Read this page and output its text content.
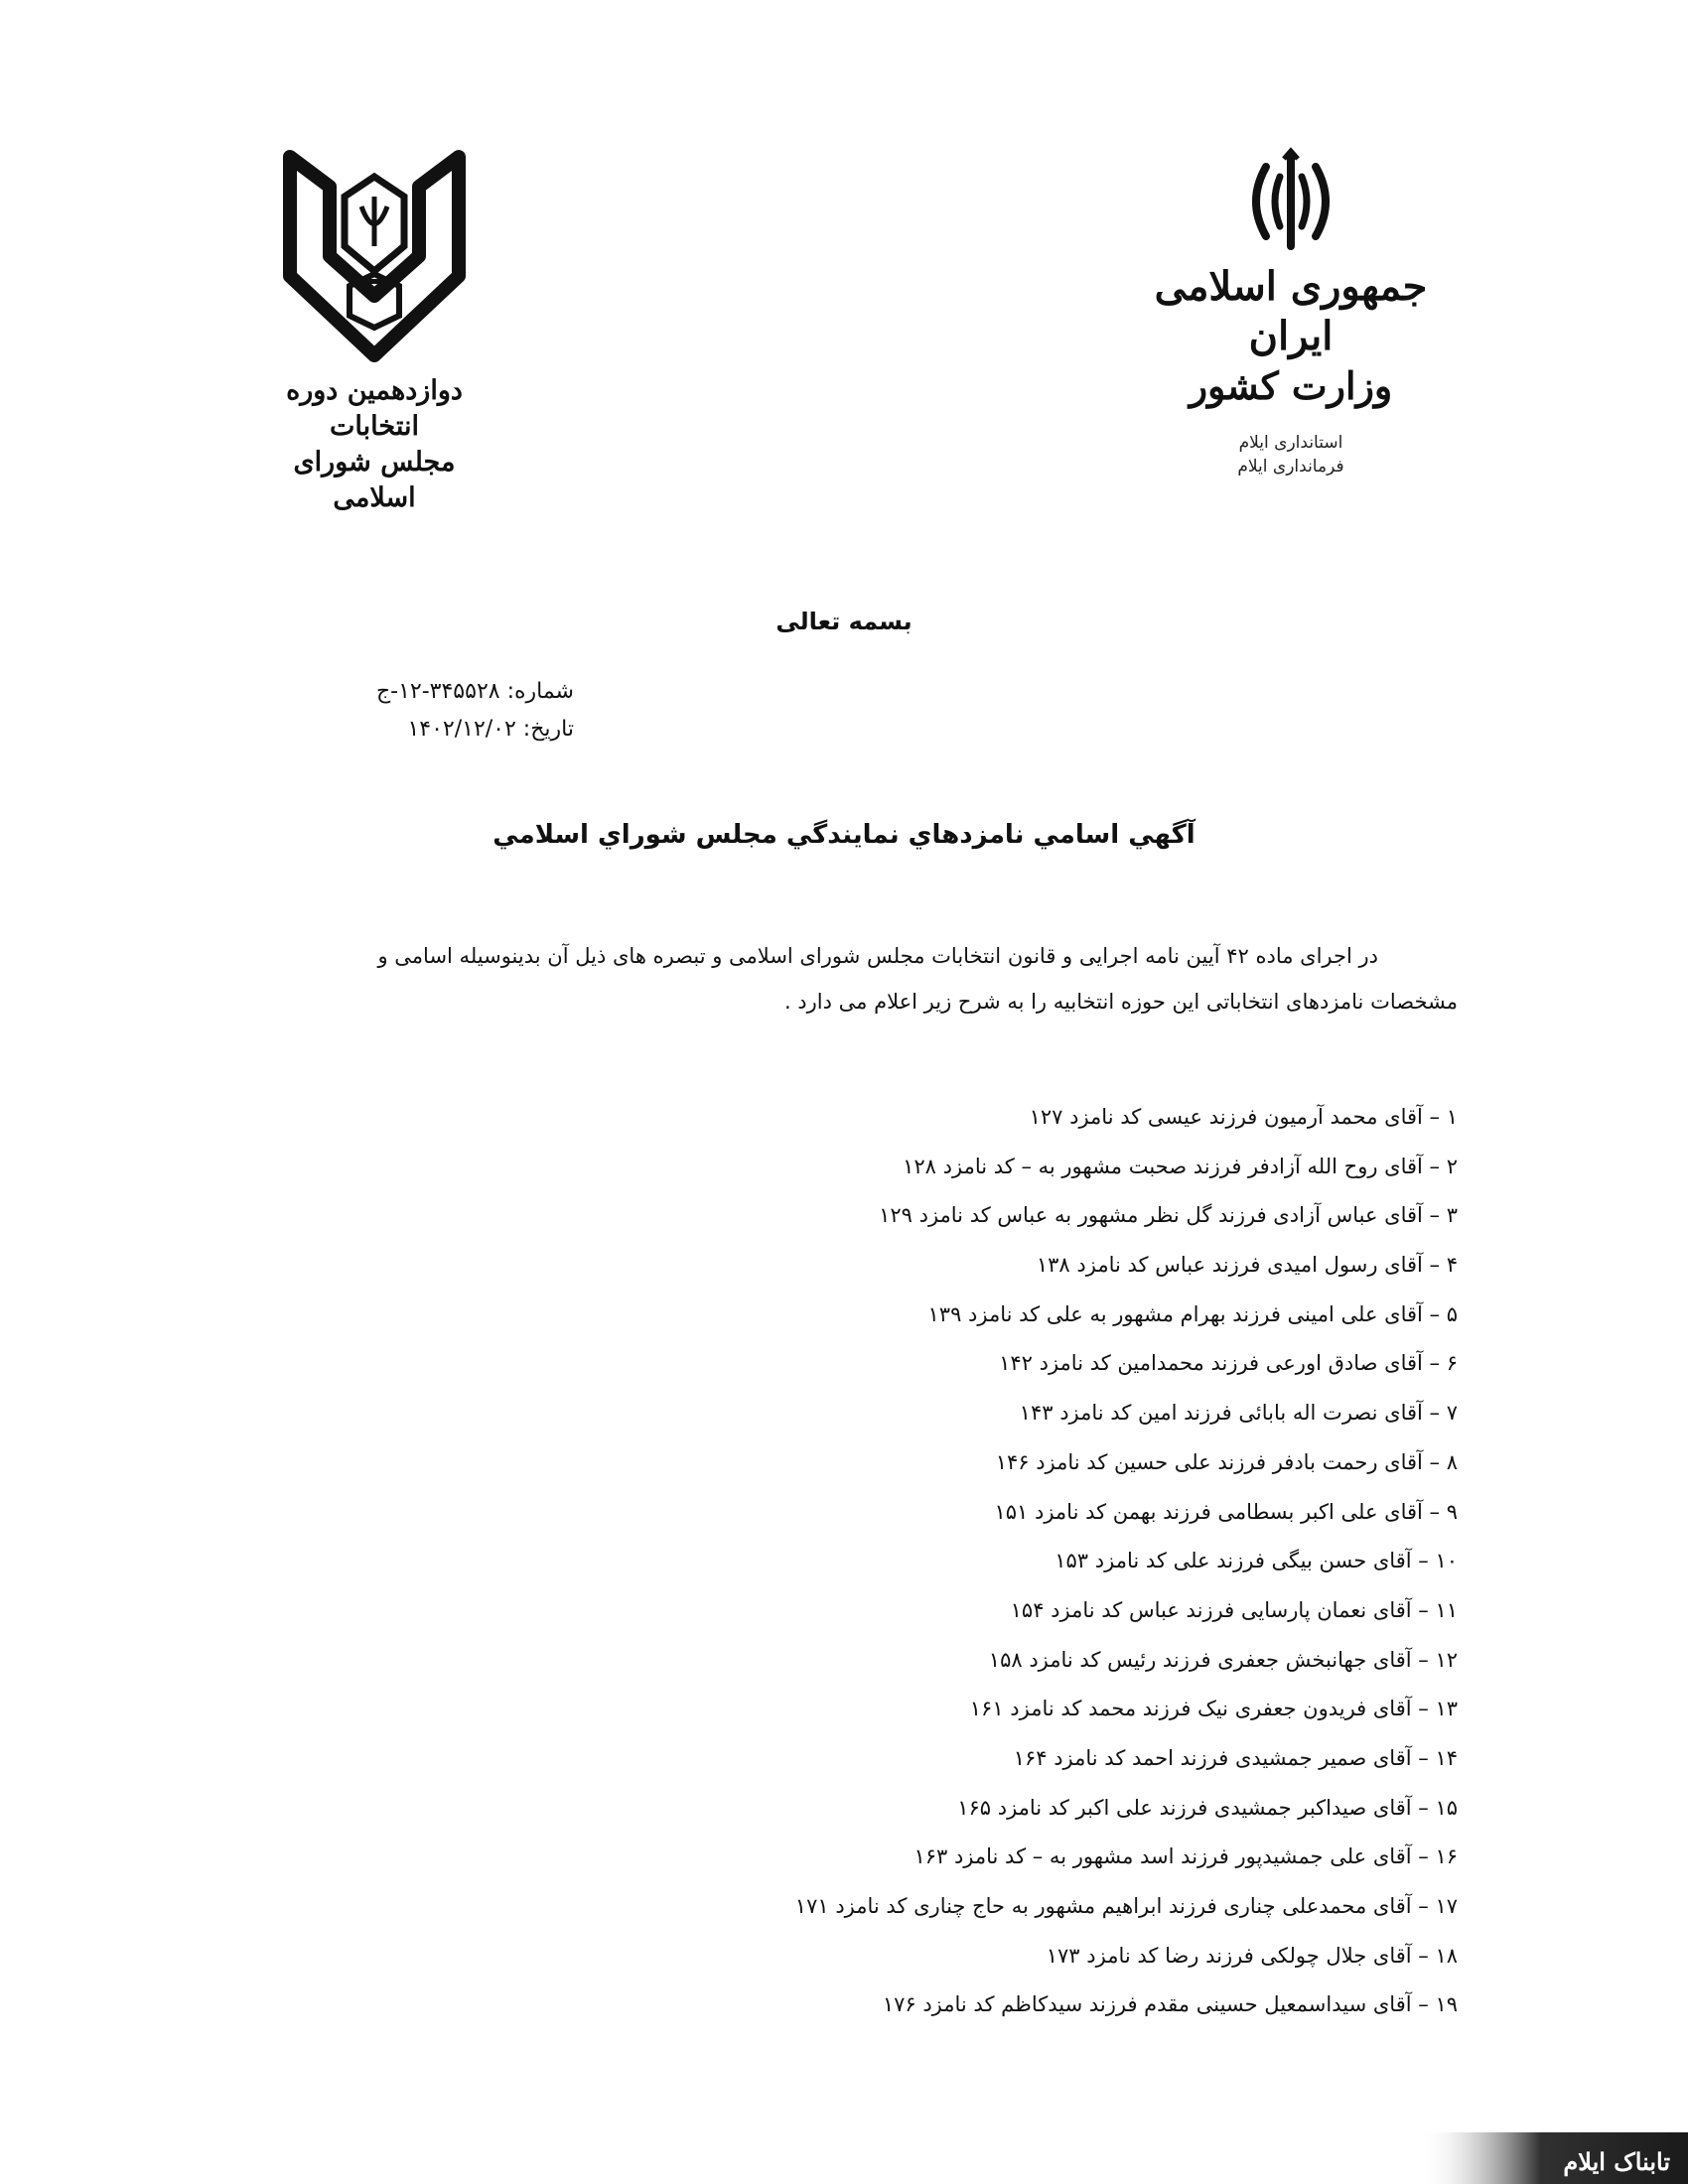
دوازدهمین دوره انتخابات
مجلس شورای اسلامی
جمهوری اسلامی ایران
وزارت کشور
استانداری ایلام
فرمانداری ایلام
بسمه تعالی
شماره: ۳۴۵۵۲۸-۱۲-ج
تاریخ: ۱۴۰۲/۱۲/۰۲
آگهي اسامي نامزدهاي نمايندگي مجلس شوراي اسلامي

در اجرای ماده ۴۲ آیین نامه اجرایی و قانون انتخابات مجلس شورای اسلامی و تبصره های ذیل آن بدینوسیله اسامی و

مشخصات نامزدهای انتخاباتی این حوزه انتخابیه را به شرح زیر اعلام می دارد .

۱ – آقای محمد آرمیون فرزند عیسی کد نامزد ۱۲۷
۲ – آقای روح الله آزادفر فرزند صحبت مشهور به – کد نامزد ۱۲۸
۳ – آقای عباس آزادی فرزند گل نظر مشهور به عباس کد نامزد ۱۲۹
۴ – آقای رسول امیدی فرزند عباس کد نامزد ۱۳۸
۵ – آقای علی امینی فرزند بهرام مشهور به علی کد نامزد ۱۳۹
۶ – آقای صادق اورعی فرزند محمدامین کد نامزد ۱۴۲
۷ – آقای نصرت اله بابائی فرزند امین کد نامزد ۱۴۳
۸ – آقای رحمت بادفر فرزند علی حسین کد نامزد ۱۴۶
۹ – آقای علی اکبر بسطامی فرزند بهمن کد نامزد ۱۵۱
۱۰ – آقای حسن بیگی فرزند علی کد نامزد ۱۵۳
۱۱ – آقای نعمان پارسایی فرزند عباس کد نامزد ۱۵۴
۱۲ – آقای جهانبخش جعفری فرزند رئیس کد نامزد ۱۵۸
۱۳ – آقای فریدون جعفری نیک فرزند محمد کد نامزد ۱۶۱
۱۴ – آقای صمیر جمشیدی فرزند احمد کد نامزد ۱۶۴
۱۵ – آقای صیداکبر جمشیدی فرزند علی اکبر کد نامزد ۱۶۵
۱۶ – آقای علی جمشیدپور فرزند اسد مشهور به – کد نامزد ۱۶۳
۱۷ – آقای محمدعلی چناری فرزند ابراهیم مشهور به حاج چناری کد نامزد ۱۷۱
۱۸ – آقای جلال چولکی فرزند رضا کد نامزد ۱۷۳
۱۹ – آقای سیداسمعیل حسینی مقدم فرزند سیدکاظم کد نامزد ۱۷۶
تابناک ایلام
